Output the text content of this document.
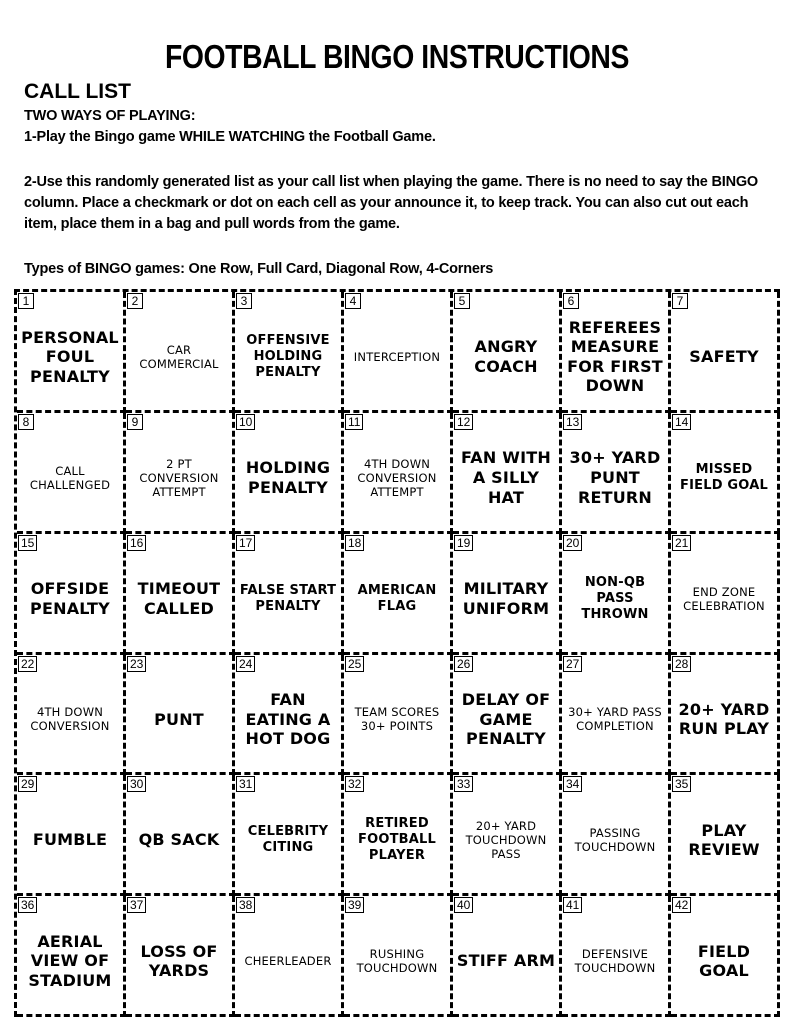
FOOTBALL BINGO INSTRUCTIONS
CALL LIST
TWO WAYS OF PLAYING:
1-Play the Bingo game WHILE WATCHING the Football Game.
2-Use this randomly generated list as your call list when playing the game. There is no need to say the BINGO column. Place a checkmark or dot on each cell as your announce it, to keep track. You can also cut out each item, place them in a bag and pull words from the game.
Types of BINGO games: One Row, Full Card, Diagonal Row, 4-Corners
1
PERSONAL FOUL PENALTY
2
CAR COMMERCIAL
3
OFFENSIVE HOLDING PENALTY
4
INTERCEPTION
5
ANGRY COACH
6
REFEREES MEASURE FOR FIRST DOWN
7
SAFETY
8
CALL CHALLENGED
9
2 PT CONVERSION ATTEMPT
10
HOLDING PENALTY
11
4TH DOWN CONVERSION ATTEMPT
12
FAN WITH A SILLY HAT
13
30+ YARD PUNT RETURN
14
MISSED FIELD GOAL
15
OFFSIDE PENALTY
16
TIMEOUT CALLED
17
FALSE START PENALTY
18
AMERICAN FLAG
19
MILITARY UNIFORM
20
NON-QB PASS THROWN
21
END ZONE CELEBRATION
22
4TH DOWN CONVERSION
23
PUNT
24
FAN EATING A HOT DOG
25
TEAM SCORES 30+ POINTS
26
DELAY OF GAME PENALTY
27
30+ YARD PASS COMPLETION
28
20+ YARD RUN PLAY
29
FUMBLE
30
QB SACK
31
CELEBRITY CITING
32
RETIRED FOOTBALL PLAYER
33
20+ YARD TOUCHDOWN PASS
34
PASSING TOUCHDOWN
35
PLAY REVIEW
36
AERIAL VIEW OF STADIUM
37
LOSS OF YARDS
38
CHEERLEADER
39
RUSHING TOUCHDOWN
40
STIFF ARM
41
DEFENSIVE TOUCHDOWN
42
FIELD GOAL
